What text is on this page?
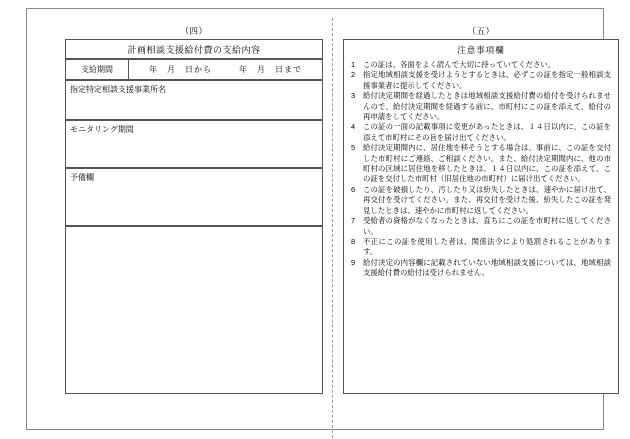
（四）
計画相談支援給付費の支給内容
支給期間	年　月　日から　　　年　月　日まで
指定特定相談支援事業所名
モニタリング期間
予備欄
（五）
注意事項欄
1	この証は、各面をよく読んで大切に持っていてください。
2	指定地域相談支援を受けようとするときは、必ずこの証を指定一般相談支援事業者に提示してください。
3	給付決定期間を経過したときは地域相談支援給付費の給付を受けられませんので、給付決定期間を経過する前に、市町村にこの証を添えて、給付の再申請をしてください。
4	この証の一面の記載事項に変更があったときは、１４日以内に、この証を添えて市町村にその旨を届け出てください。
5	給付決定期間内に、居住地を移そうとする場合は、事前に、この証を交付した市町村にご連絡、ご相談ください。また、給付決定期間内に、他の市町村の区域に居住地を移したときは、１４日以内に、この証を添えて、この証を交付した市町村（旧居住地の市町村）に届け出てください。
6	この証を破損したり、汚したり又は紛失したときは、速やかに届け出て、再交付を受けてください。また、再交付を受けた後、紛失したこの証を発見したときは、速やかに市町村に返してください。
7	受給者の資格がなくなったときは、直ちにこの証を市町村に返してください。
8	不正にこの証を使用した者は、関係法令により処罰されることがあります。
9	給付決定の内容欄に記載されていない地域相談支援については、地域相談支援給付費の給付は受けられません。
